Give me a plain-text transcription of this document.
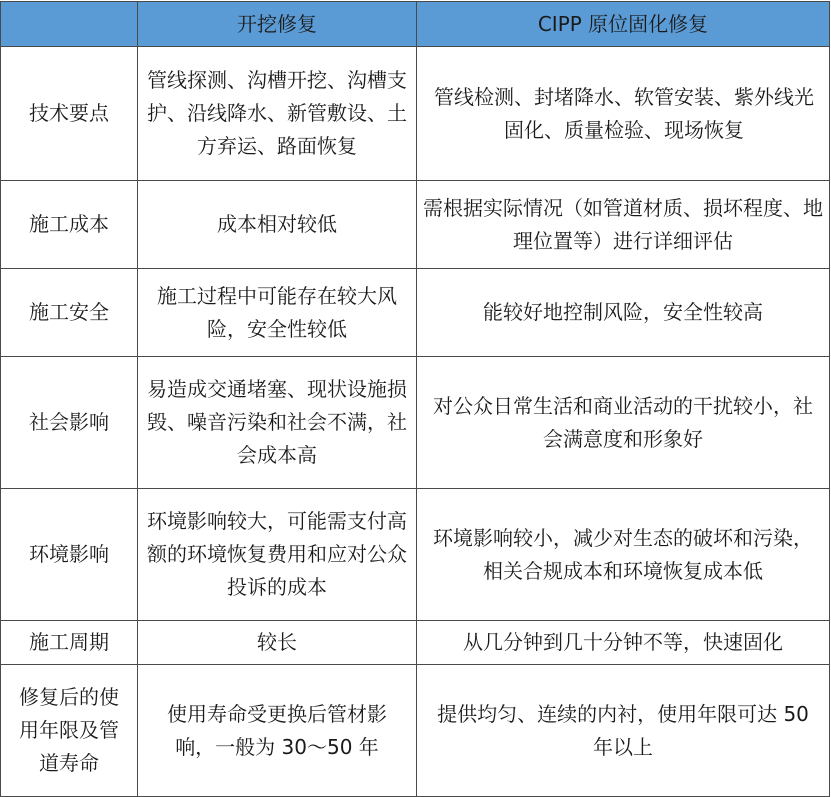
	开挖修复	CIPP 原位固化修复
技术要点	管线探测、沟槽开挖、沟槽支护、沿线降水、新管敷设、土方弃运、路面恢复	管线检测、封堵降水、软管安装、紫外线光固化、质量检验、现场恢复
施工成本	成本相对较低	需根据实际情况（如管道材质、损坏程度、地理位置等）进行详细评估
施工安全	施工过程中可能存在较大风险，安全性较低	能较好地控制风险，安全性较高
社会影响	易造成交通堵塞、现状设施损毁、噪音污染和社会不满，社会成本高	对公众日常生活和商业活动的干扰较小，社会满意度和形象好
环境影响	环境影响较大，可能需支付高额的环境恢复费用和应对公众投诉的成本	环境影响较小，减少对生态的破坏和污染，相关合规成本和环境恢复成本低
施工周期	较长	从几分钟到几十分钟不等，快速固化
修复后的使用年限及管道寿命	使用寿命受更换后管材影响，一般为 30～50 年	提供均匀、连续的内衬，使用年限可达 50 年以上
